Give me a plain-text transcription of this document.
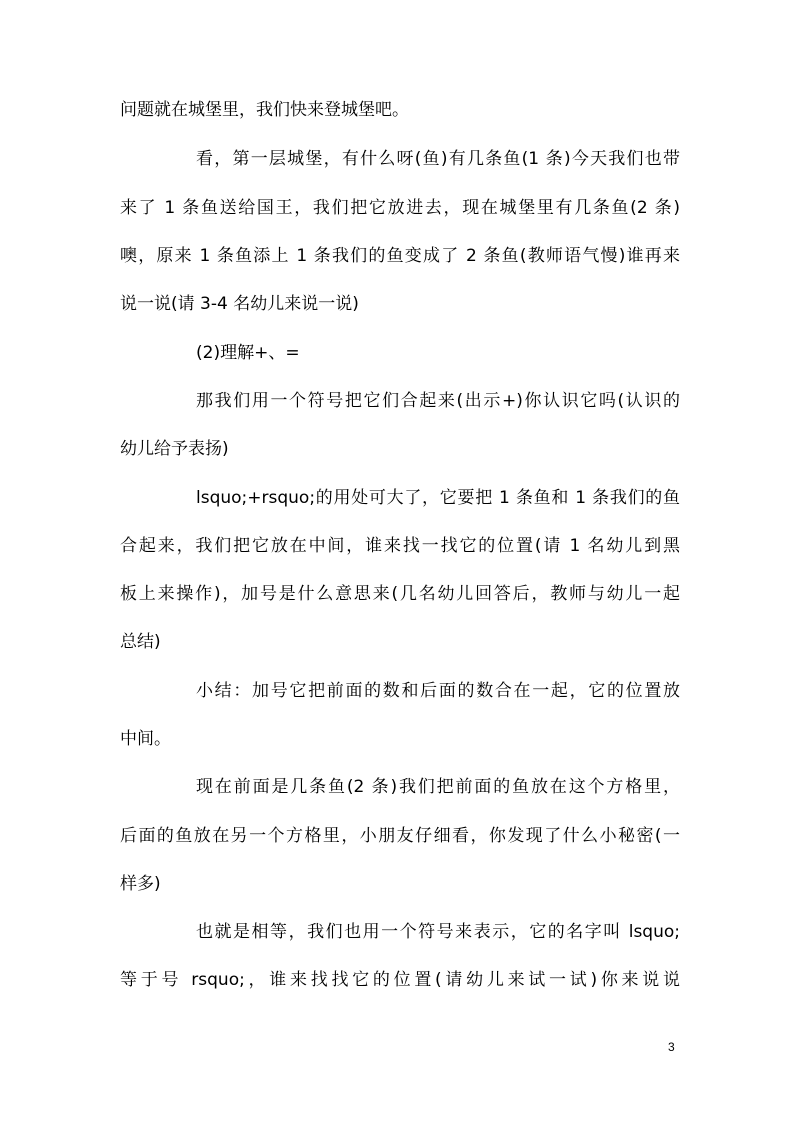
问题就在城堡里，我们快来登城堡吧。
看，第一层城堡，有什么呀(鱼)有几条鱼(1 条)今天我们也带
来了 1 条鱼送给国王，我们把它放进去，现在城堡里有几条鱼(2 条)
噢，原来 1 条鱼添上 1 条我们的鱼变成了 2 条鱼(教师语气慢)谁再来
说一说(请 3-4 名幼儿来说一说)
(2)理解+、=
那我们用一个符号把它们合起来(出示+)你认识它吗(认识的
幼儿给予表扬)
lsquo;+rsquo;的用处可大了，它要把 1 条鱼和 1 条我们的鱼
合起来，我们把它放在中间，谁来找一找它的位置(请 1 名幼儿到黑
板上来操作)，加号是什么意思来(几名幼儿回答后，教师与幼儿一起
总结)
小结：加号它把前面的数和后面的数合在一起，它的位置放
中间。
现在前面是几条鱼(2 条)我们把前面的鱼放在这个方格里，
后面的鱼放在另一个方格里，小朋友仔细看，你发现了什么小秘密(一
样多)
也就是相等，我们也用一个符号来表示，它的名字叫 lsquo;
等于号 rsquo;，谁来找找它的位置(请幼儿来试一试)你来说说
3
